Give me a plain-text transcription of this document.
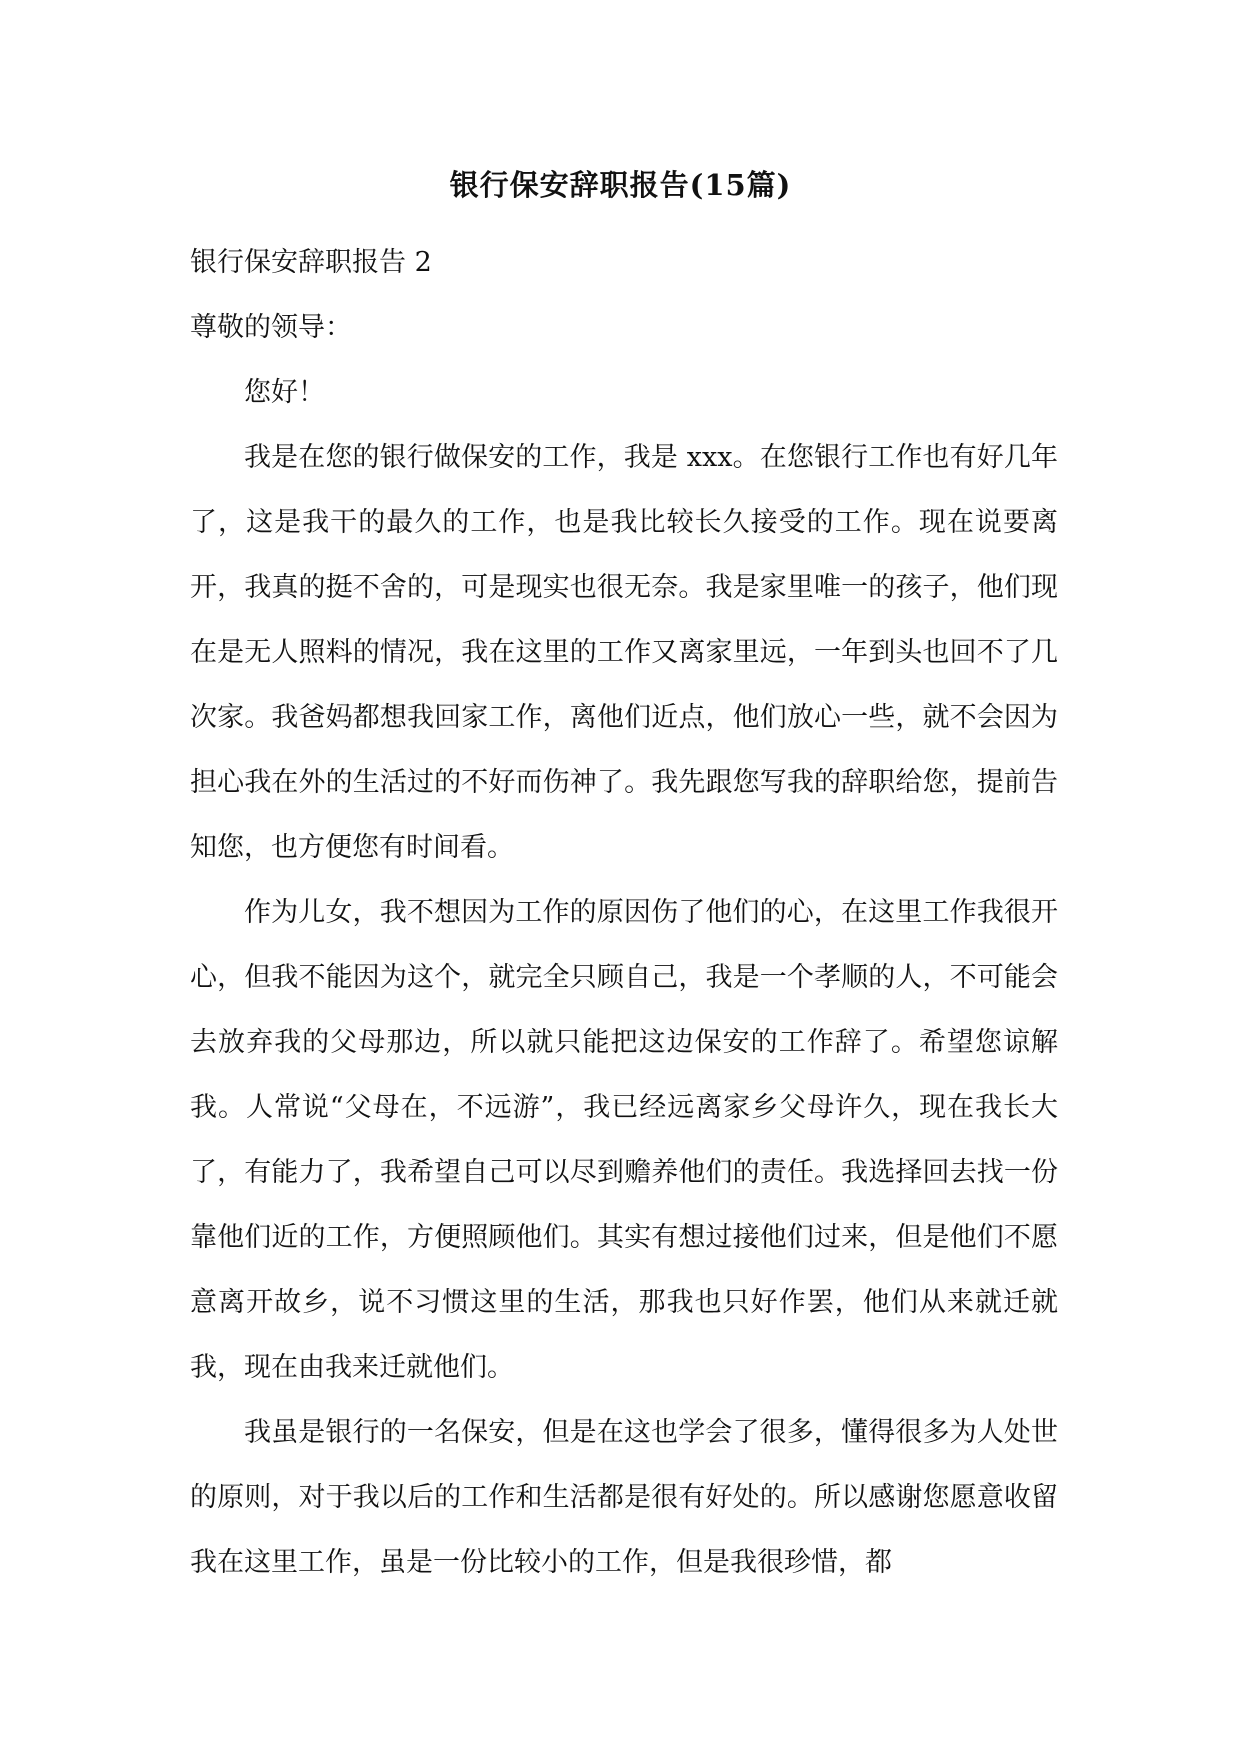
银行保安辞职报告(15篇)

银行保安辞职报告 2

尊敬的领导：

您好！

我是在您的银行做保安的工作，我是 xxx。在您银行工作也有好几年了，这是我干的最久的工作，也是我比较长久接受的工作。现在说要离开，我真的挺不舍的，可是现实也很无奈。我是家里唯一的孩子，他们现在是无人照料的情况，我在这里的工作又离家里远，一年到头也回不了几次家。我爸妈都想我回家工作，离他们近点，他们放心一些，就不会因为担心我在外的生活过的不好而伤神了。我先跟您写我的辞职给您，提前告知您，也方便您有时间看。

作为儿女，我不想因为工作的原因伤了他们的心，在这里工作我很开心，但我不能因为这个，就完全只顾自己，我是一个孝顺的人，不可能会去放弃我的父母那边，所以就只能把这边保安的工作辞了。希望您谅解我。人常说“父母在，不远游”，我已经远离家乡父母许久，现在我长大了，有能力了，我希望自己可以尽到赡养他们的责任。我选择回去找一份靠他们近的工作，方便照顾他们。其实有想过接他们过来，但是他们不愿意离开故乡，说不习惯这里的生活，那我也只好作罢，他们从来就迁就我，现在由我来迁就他们。

我虽是银行的一名保安，但是在这也学会了很多，懂得很多为人处世的原则，对于我以后的工作和生活都是很有好处的。所以感谢您愿意收留我在这里工作，虽是一份比较小的工作，但是我很珍惜，都
